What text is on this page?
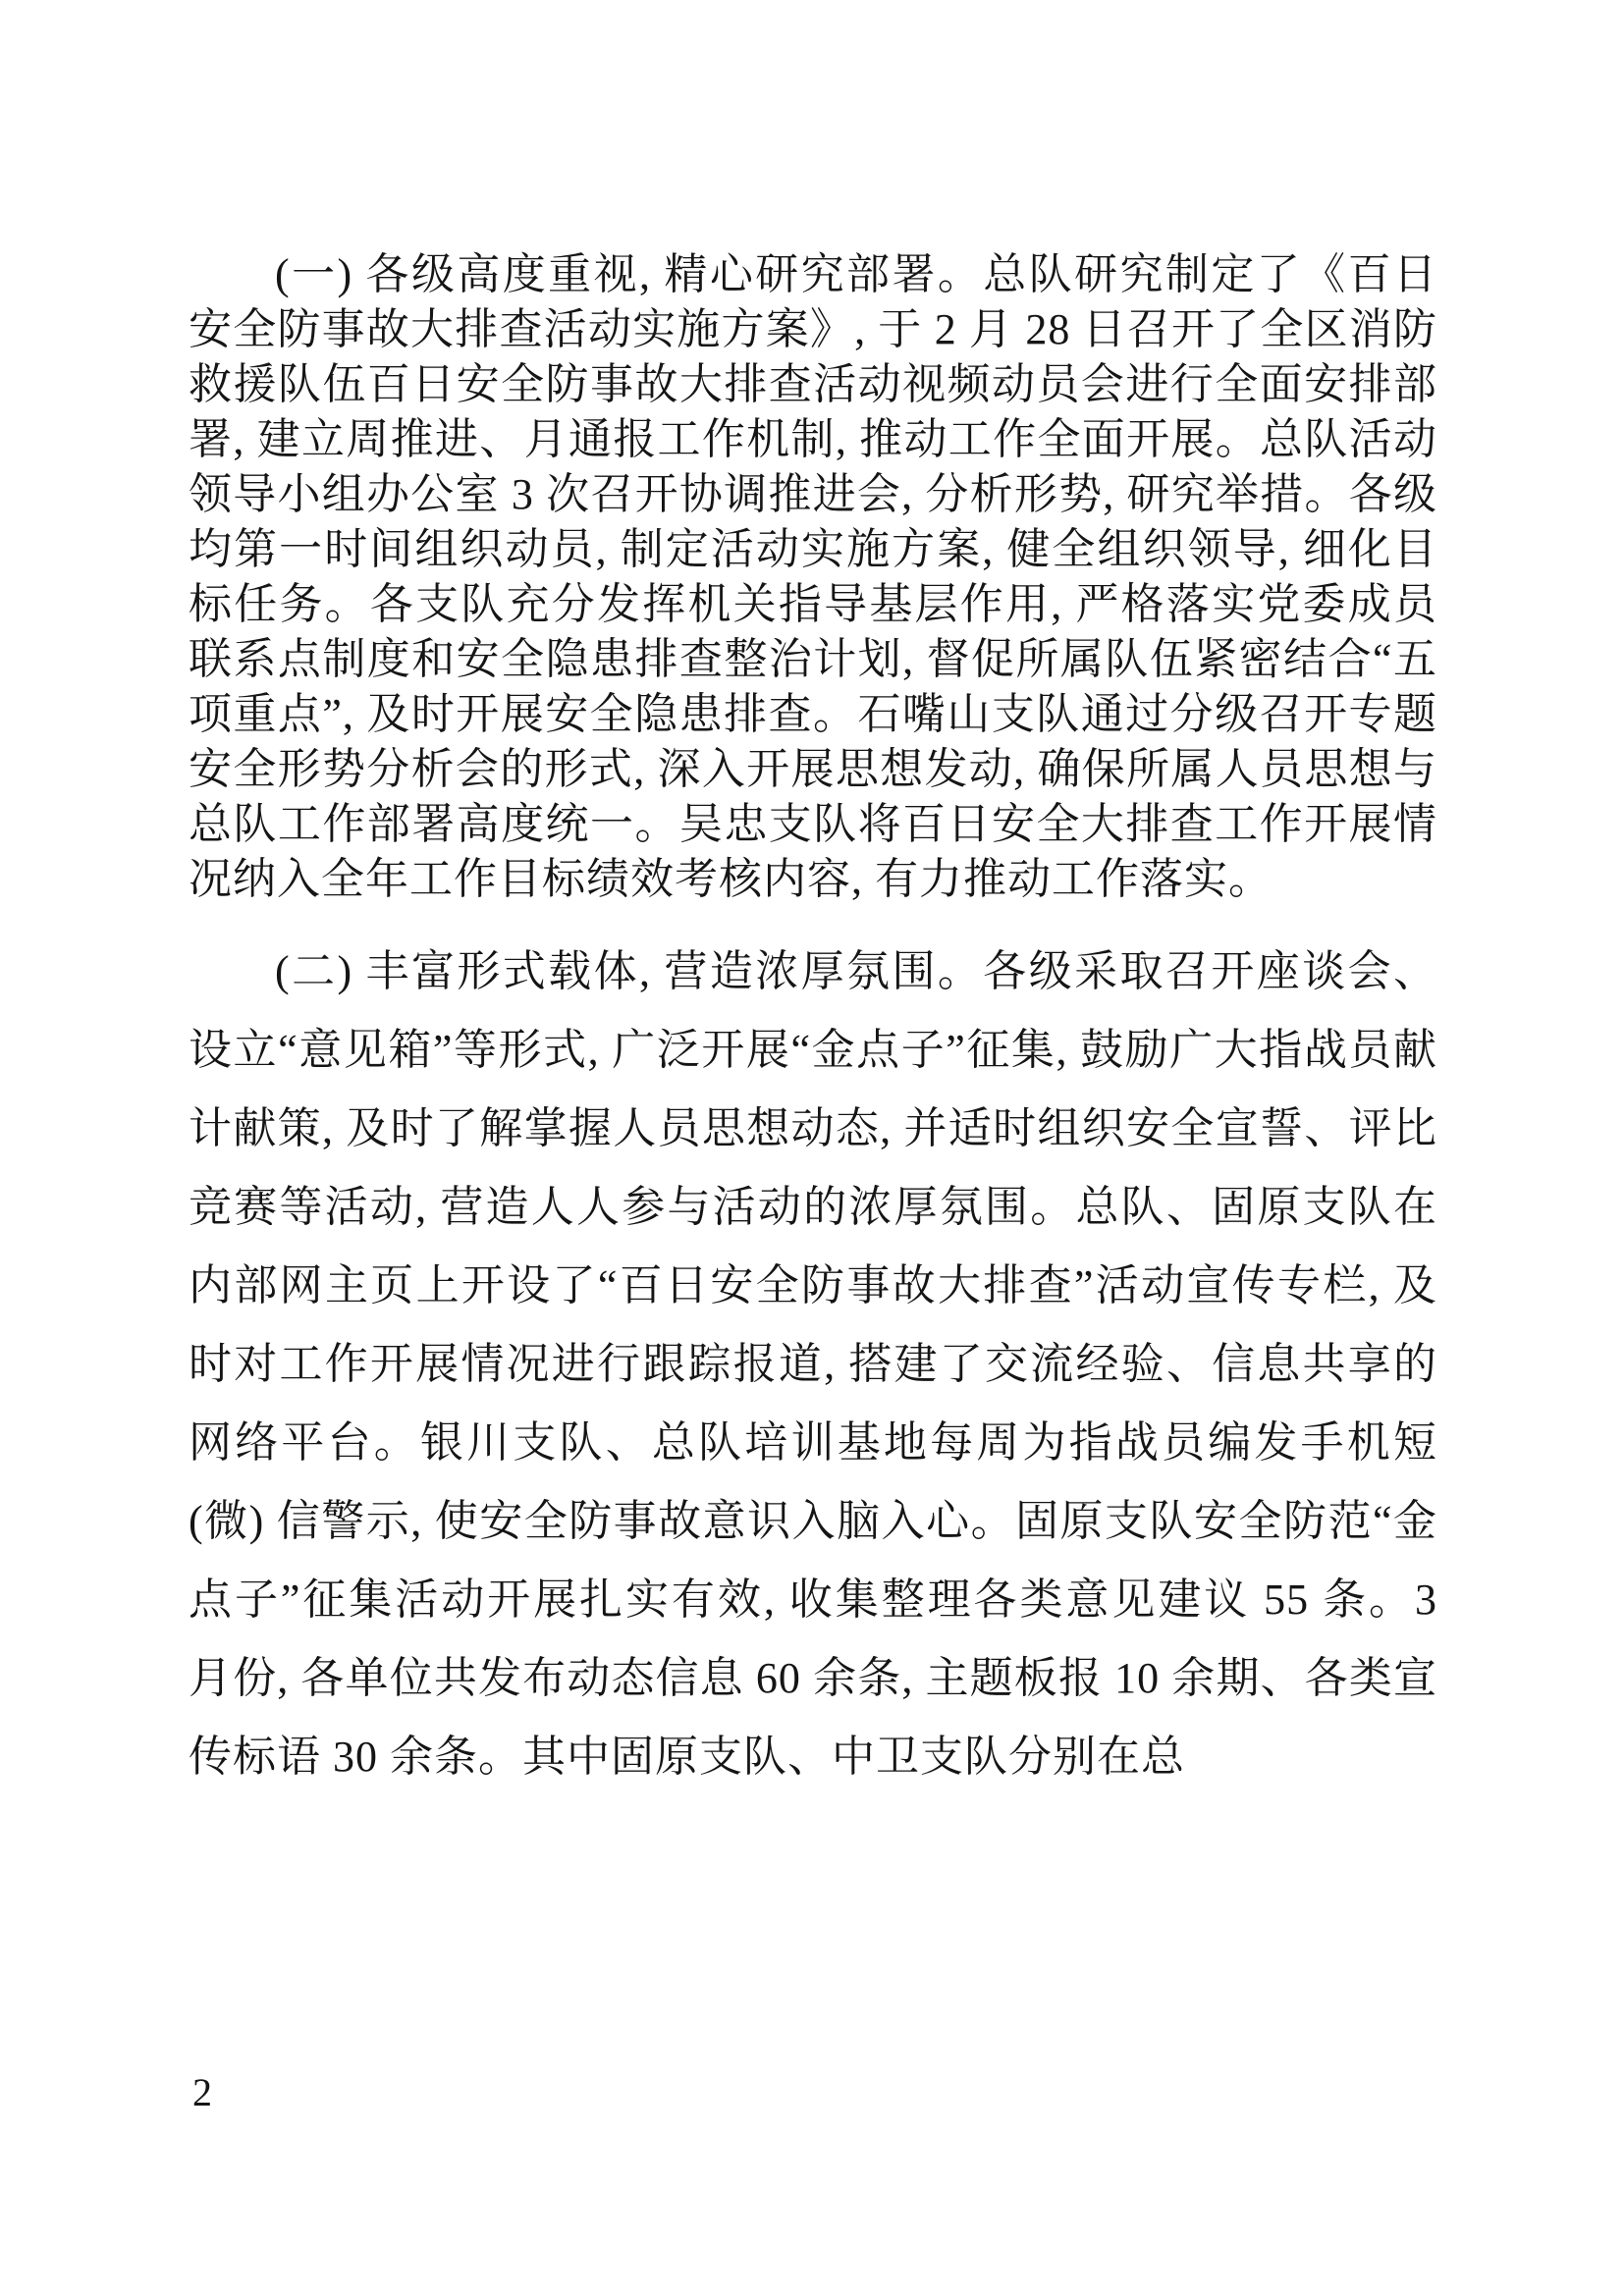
(一) 各级高度重视, 精心研究部署。总队研究制定了《百日安全防事故大排查活动实施方案》, 于 2 月 28 日召开了全区消防救援队伍百日安全防事故大排查活动视频动员会进行全面安排部署, 建立周推进、月通报工作机制, 推动工作全面开展。总队活动领导小组办公室 3 次召开协调推进会, 分析形势, 研究举措。各级均第一时间组织动员, 制定活动实施方案, 健全组织领导, 细化目标任务。各支队充分发挥机关指导基层作用, 严格落实党委成员联系点制度和安全隐患排查整治计划, 督促所属队伍紧密结合“五项重点”, 及时开展安全隐患排查。石嘴山支队通过分级召开专题安全形势分析会的形式, 深入开展思想发动, 确保所属人员思想与总队工作部署高度统一。吴忠支队将百日安全大排查工作开展情况纳入全年工作目标绩效考核内容, 有力推动工作落实。

(二) 丰富形式载体, 营造浓厚氛围。各级采取召开座谈会、设立“意见箱”等形式, 广泛开展“金点子”征集, 鼓励广大指战员献计献策, 及时了解掌握人员思想动态, 并适时组织安全宣誓、评比竞赛等活动, 营造人人参与活动的浓厚氛围。总队、固原支队在内部网主页上开设了“百日安全防事故大排查”活动宣传专栏, 及时对工作开展情况进行跟踪报道, 搭建了交流经验、信息共享的网络平台。银川支队、总队培训基地每周为指战员编发手机短 (微) 信警示, 使安全防事故意识入脑入心。固原支队安全防范“金点子”征集活动开展扎实有效, 收集整理各类意见建议 55 条。3 月份, 各单位共发布动态信息 60 余条, 主题板报 10 余期、各类宣传标语 30 余条。其中固原支队、中卫支队分别在总

2
